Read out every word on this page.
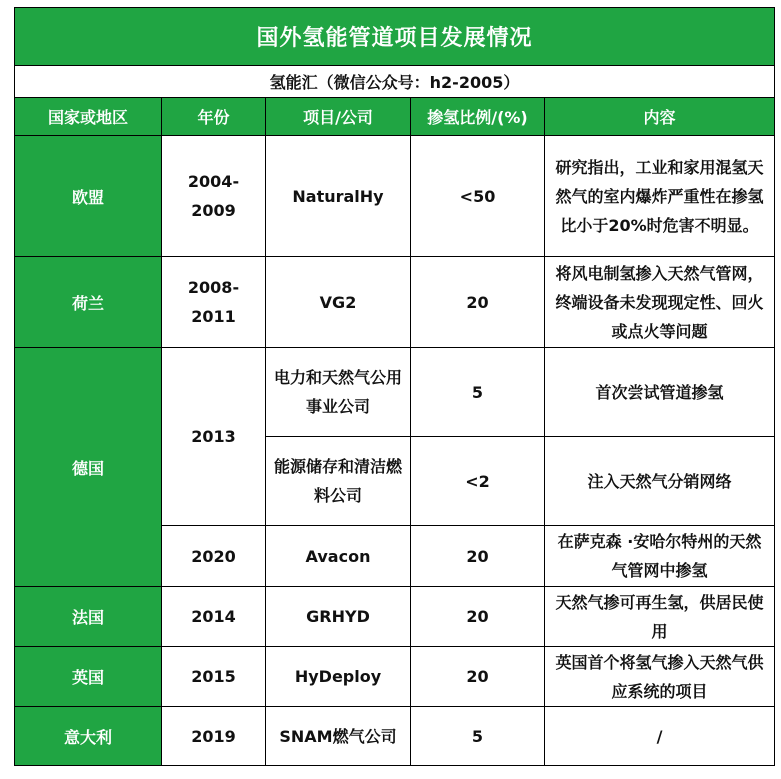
国外氢能管道项目发展情况				
氢能汇（微信公众号：h2-2005）				
国家或地区	年份	项目/公司	掺氢比例/(%)	内容
欧盟	2004-2009	NaturalHy	<50	研究指出，工业和家用混氢天然气的室内爆炸严重性在掺氢比小于20%时危害不明显。
荷兰	2008-2011	VG2	20	将风电制氢掺入天然气管网，终端设备未发现现定性、回火或点火等问题
德国	2013	电力和天然气公用事业公司	5	首次尝试管道掺氢
		能源储存和清洁燃料公司	<2	注入天然气分销网络
	2020	Avacon	20	在萨克森 ·安哈尔特州的天然气管网中掺氢
法国	2014	GRHYD	20	天然气掺可再生氢，供居民使用
英国	2015	HyDeploy	20	英国首个将氢气掺入天然气供应系统的项目
意大利	2019	SNAM燃气公司	5	/
